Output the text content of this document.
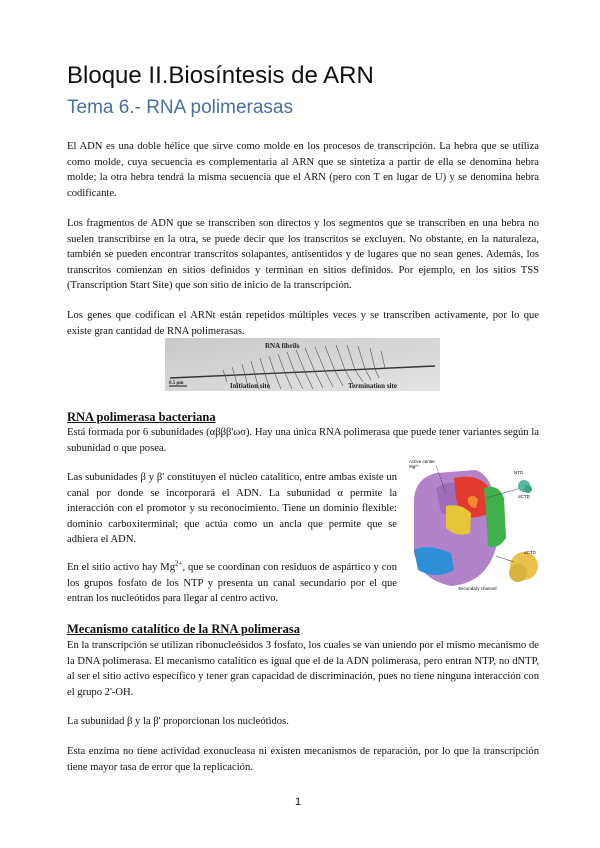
Bloque II.Biosíntesis de ARN
Tema 6.- RNA polimerasas

El ADN es una doble hélice que sirve como molde en los procesos de transcripción. La hebra que se utiliza como molde, cuya secuencia es complementaria al ARN que se sintetiza a partir de ella se denomina hebra molde; la otra hebra tendrá la misma secuencia que el ARN (pero con T en lugar de U) y se denomina hebra codificante.

Los fragmentos de ADN que se transcriben son directos y los segmentos que se transcriben en una hebra no suelen transcribirse en la otra, se puede decir que los transcritos se excluyen. No obstante, en la naturaleza, también se pueden encontrar transcritos solapantes, antisentidos y de lugares que no sean genes. Además, los transcritos comienzan en sitios definidos y terminan en sitios definidos. Por ejemplo, en los sitios TSS (Transcription Start Site) que son sitio de inicio de la transcripción.

Los genes que codifican el ARNt están repetidos múltiples veces y se transcriben activamente, por lo que existe gran cantidad de RNA polimerasas.

RNA fibrils
Initiation site	Termination site
0.5 μm
RNA polimerasa bacteriana

Está formada por 6 subunidades (αβββ'ωσ). Hay una única RNA polimerasa que puede tener variantes según la subunidad σ que posea.

Las subunidades β y β' constituyen el núcleo catalítico, entre ambas existe un canal por donde se incorporará el ADN. La subunidad α permite la interacción con el promotor y su reconocimiento. Tiene un dominio flexible: dominio carboxiterminal; que actúa como un ancla que permite que se adhiera el ADN.

En el sitio activo hay $Mg^{2+}$, que se coordinan con residuos de aspártico y con los grupos fosfato de los NTP y presenta un canal secundario por el que entran los nucleótidos para llegar al centro activo.

Active center
Mg²⁺
NTD
αCTD
αCTD
Secondary channel
Mecanismo catalítico de la RNA polimerasa

En la transcripción se utilizan ribonucleósidos 3 fosfato, los cuales se van uniendo por el mismo mecanismo de la DNA polimerasa. El mecanismo catalítico es igual que el de la ADN polimerasa, pero entran NTP, no dNTP, al ser el sitio activo específico y tener gran capacidad de discriminación, pues no tiene ninguna interacción con el grupo 2'-OH.

La subunidad β y la β' proporcionan los nucleótidos.

Esta enzima no tiene actividad exonucleasa ni existen mecanismos de reparación, por lo que la transcripción tiene mayor tasa de error que la replicación.

1
